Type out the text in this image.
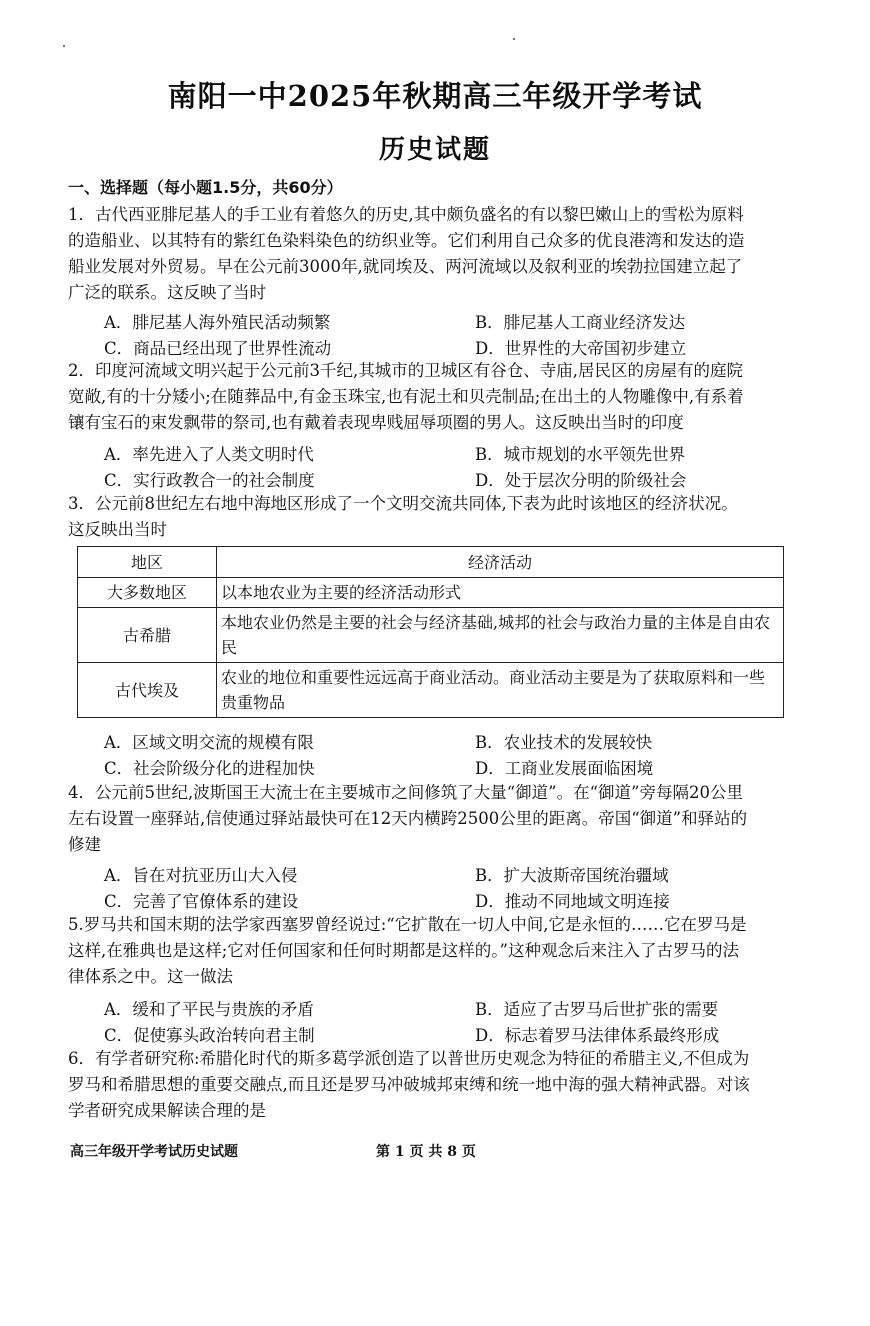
南阳一中2025年秋期高三年级开学考试
历史试题
一、选择题（每小题1.5分，共60分）
1．古代西亚腓尼基人的手工业有着悠久的历史,其中颇负盛名的有以黎巴嫩山上的雪松为原料
的造船业、以其特有的紫红色染料染色的纺织业等。它们利用自己众多的优良港湾和发达的造
船业发展对外贸易。早在公元前3000年,就同埃及、两河流域以及叙利亚的埃勃拉国建立起了
广泛的联系。这反映了当时
A．腓尼基人海外殖民活动频繁	B．腓尼基人工商业经济发达
C．商品已经出现了世界性流动	D．世界性的大帝国初步建立
2．印度河流域文明兴起于公元前3千纪,其城市的卫城区有谷仓、寺庙,居民区的房屋有的庭院
宽敞,有的十分矮小;在随葬品中,有金玉珠宝,也有泥土和贝壳制品;在出土的人物雕像中,有系着
镶有宝石的束发飘带的祭司,也有戴着表现卑贱屈辱项圈的男人。这反映出当时的印度
A．率先进入了人类文明时代	B．城市规划的水平领先世界
C．实行政教合一的社会制度	D．处于层次分明的阶级社会
3．公元前8世纪左右地中海地区形成了一个文明交流共同体,下表为此时该地区的经济状况。
这反映出当时
地区	经济活动
大多数地区	以本地农业为主要的经济活动形式
古希腊	本地农业仍然是主要的社会与经济基础,城邦的社会与政治力量的主体是自由农民
古代埃及	农业的地位和重要性远远高于商业活动。商业活动主要是为了获取原料和一些贵重物品
A．区域文明交流的规模有限	B．农业技术的发展较快
C．社会阶级分化的进程加快	D．工商业发展面临困境
4．公元前5世纪,波斯国王大流士在主要城市之间修筑了大量“御道”。在“御道”旁每隔20公里
左右设置一座驿站,信使通过驿站最快可在12天内横跨2500公里的距离。帝国“御道”和驿站的
修建
A．旨在对抗亚历山大入侵	B．扩大波斯帝国统治疆域
C．完善了官僚体系的建设	D．推动不同地域文明连接
5.罗马共和国末期的法学家西塞罗曾经说过:“它扩散在一切人中间,它是永恒的……它在罗马是
这样,在雅典也是这样;它对任何国家和任何时期都是这样的。”这种观念后来注入了古罗马的法
律体系之中。这一做法
A．缓和了平民与贵族的矛盾	B．适应了古罗马后世扩张的需要
C．促使寡头政治转向君主制	D．标志着罗马法律体系最终形成
6．有学者研究称:希腊化时代的斯多葛学派创造了以普世历史观念为特征的希腊主义,不但成为
罗马和希腊思想的重要交融点,而且还是罗马冲破城邦束缚和统一地中海的强大精神武器。对该
学者研究成果解读合理的是
高三年级开学考试历史试题	第 1 页 共 8 页
